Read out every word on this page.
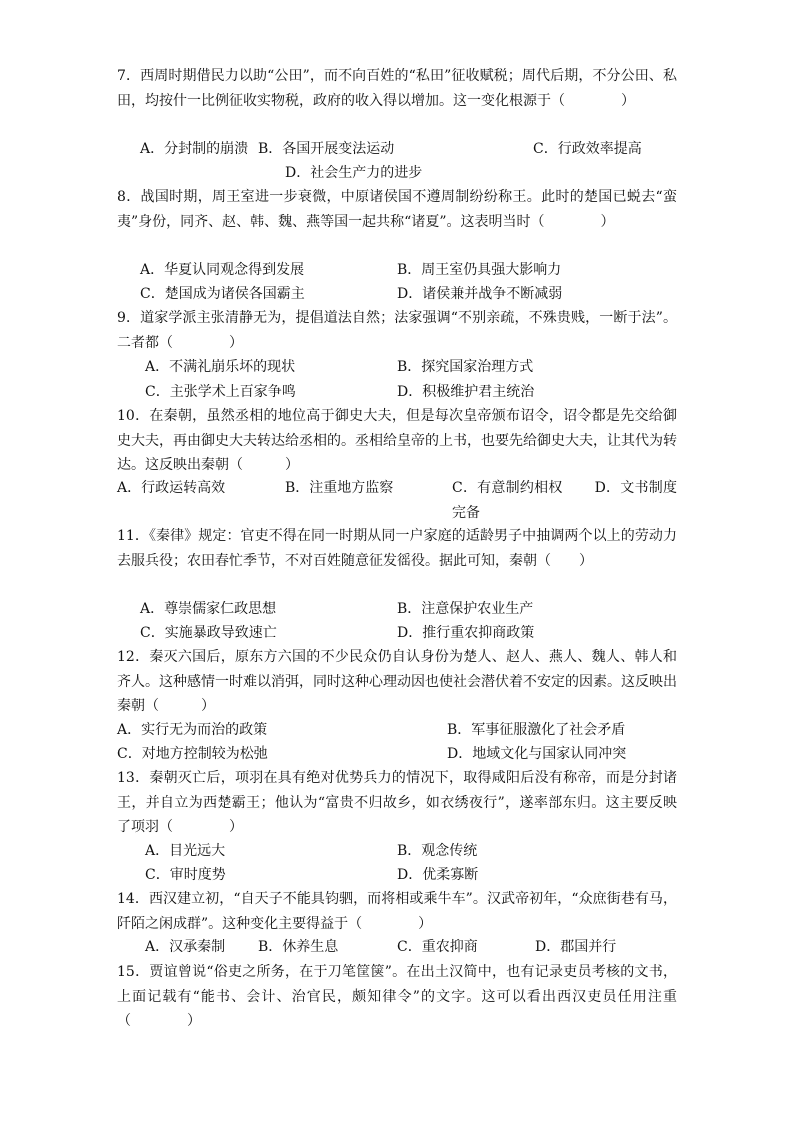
7．西周时期借民力以助“公田”，而不向百姓的“私田”征收赋税；周代后期，不分公田、私田，均按什一比例征收实物税，政府的收入得以增加。这一变化根源于（　　　　）
A．分封制的崩溃 B．各国开展变法运动	C．行政效率提高
D．社会生产力的进步
8．战国时期，周王室进一步衰微，中原诸侯国不遵周制纷纷称王。此时的楚国已蜕去“蛮夷”身份，同齐、赵、韩、魏、燕等国一起共称“诸夏”。这表明当时（　　　　）
A．华夏认同观念得到发展	B．周王室仍具强大影响力
C．楚国成为诸侯各国霸主	D．诸侯兼并战争不断减弱
9．道家学派主张清静无为，提倡道法自然；法家强调“不别亲疏，不殊贵贱，一断于法”。二者都（　　　　）
A．不满礼崩乐坏的现状	B．探究国家治理方式
C．主张学术上百家争鸣	D．积极维护君主统治
10．在秦朝，虽然丞相的地位高于御史大夫，但是每次皇帝颁布诏令，诏令都是先交给御史大夫，再由御史大夫转达给丞相的。丞相给皇帝的上书，也要先给御史大夫，让其代为转达。这反映出秦朝（　　　）
A．行政运转高效	B．注重地方监察	C．有意制约相权 D．文书制度完备
11．《秦律》规定：官吏不得在同一时期从同一户家庭的适龄男子中抽调两个以上的劳动力去服兵役；农田春忙季节，不对百姓随意征发徭役。据此可知，秦朝（　　）
A．尊崇儒家仁政思想	B．注意保护农业生产
C．实施暴政导致速亡	D．推行重农抑商政策
12．秦灭六国后，原东方六国的不少民众仍自认身份为楚人、赵人、燕人、魏人、韩人和齐人。这种感情一时难以消弭，同时这种心理动因也使社会潜伏着不安定的因素。这反映出秦朝（　　　）
A．实行无为而治的政策	B．军事征服激化了社会矛盾
C．对地方控制较为松弛	D．地域文化与国家认同冲突
13．秦朝灭亡后，项羽在具有绝对优势兵力的情况下，取得咸阳后没有称帝，而是分封诸王，并自立为西楚霸王；他认为“富贵不归故乡，如衣绣夜行”，遂率部东归。这主要反映了项羽（　　　　）
A．目光远大	B．观念传统
C．审时度势	D．优柔寡断
14．西汉建立初，“自天子不能具钧驷，而将相或乘牛车”。汉武帝初年，“众庶街巷有马，阡陌之闲成群”。这种变化主要得益于（　　　　）
A．汉承秦制 B．休养生息	C．重农抑商	D．郡国并行
15．贾谊曾说“俗吏之所务，在于刀笔筐箧”。在出土汉简中，也有记录吏员考核的文书，上面记载有“能书、会计、治官民，颇知律令”的文字。这可以看出西汉吏员任用注重（　　　　）
